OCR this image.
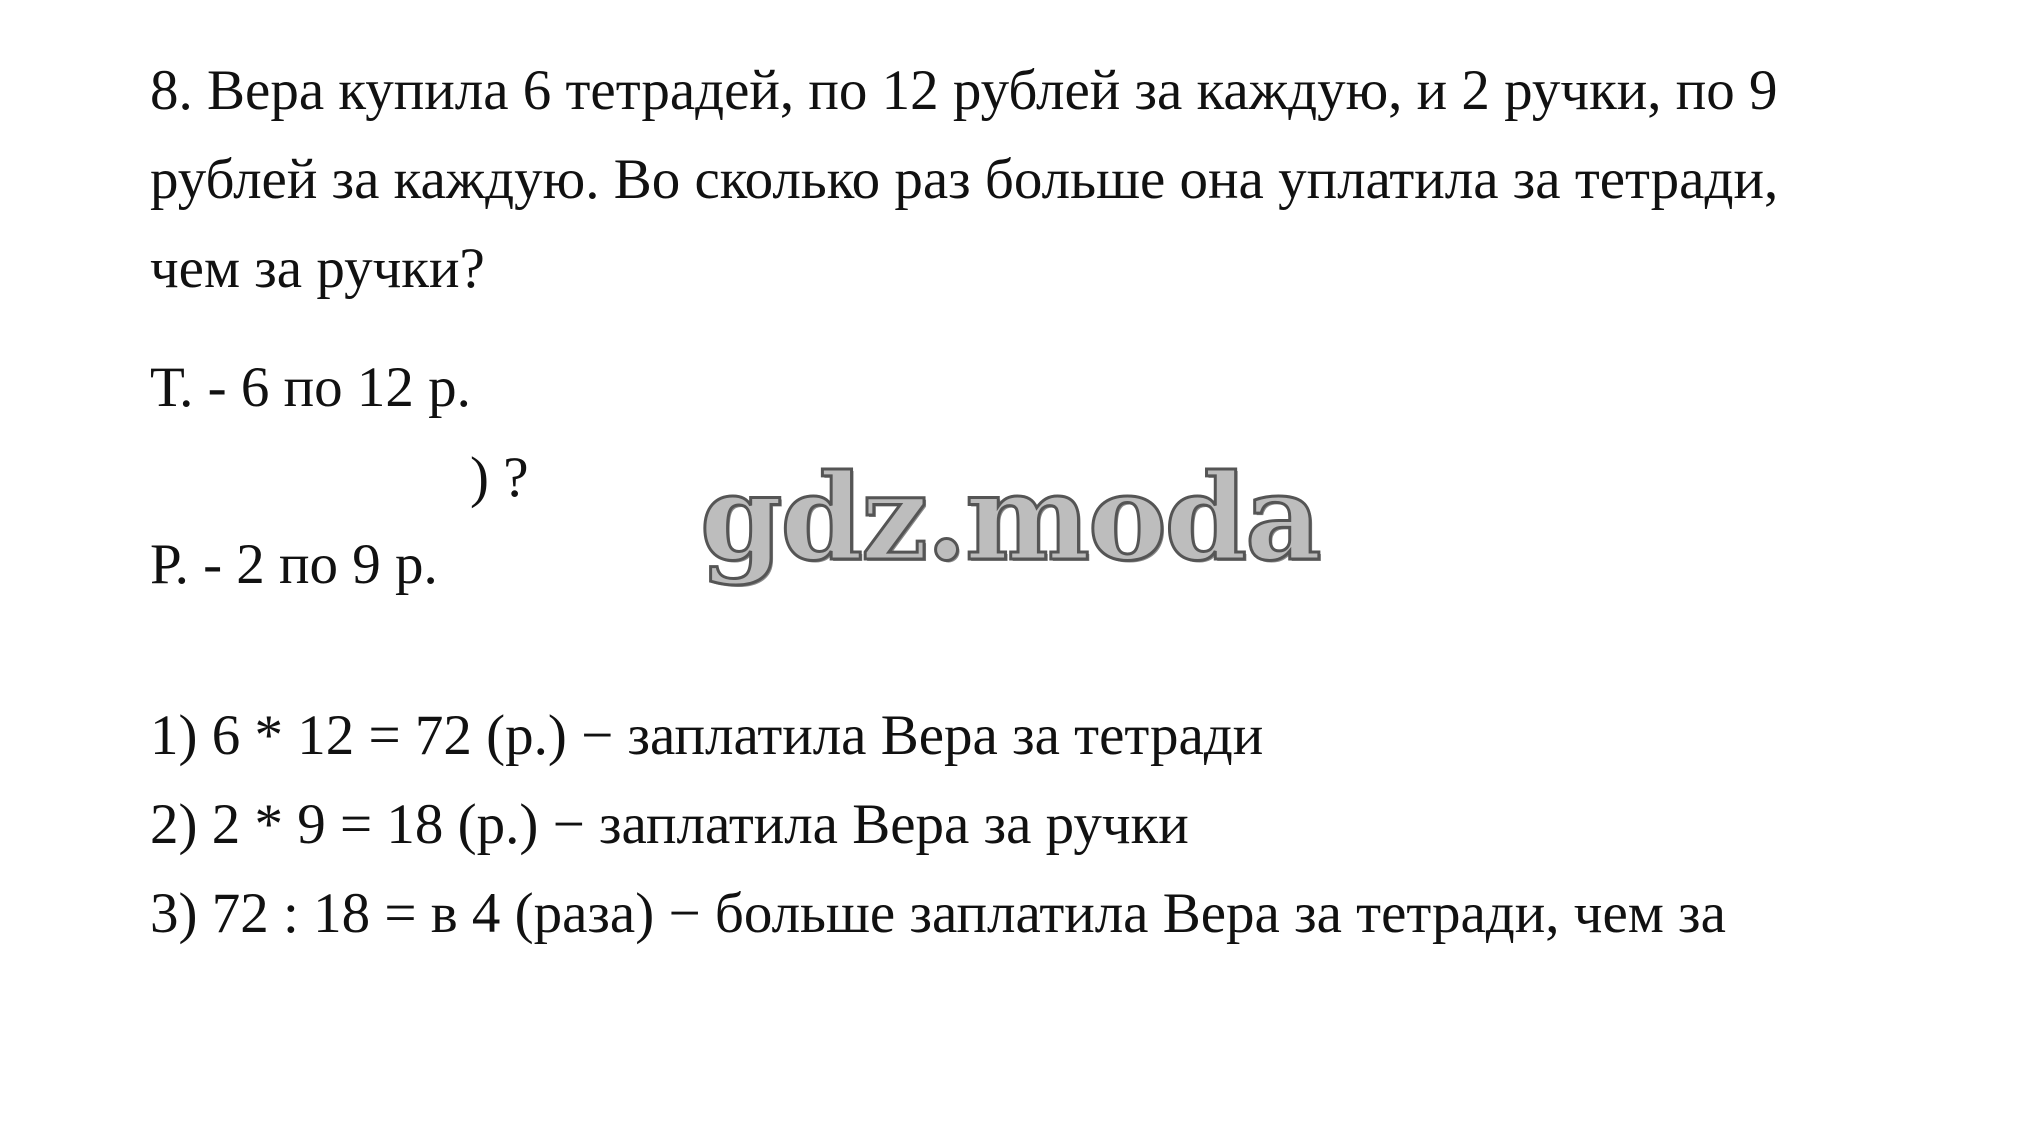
8. Вера купила 6 тетрадей, по 12 рублей за каждую, и 2 ручки, по 9
рублей за каждую. Во сколько раз больше она уплатила за тетради,
чем за ручки?
Т. - 6 по 12 р.
) ?
Р. - 2 по 9 р. gdz.moda
1) 6 * 12 = 72 (р.) − заплатила Вера за тетради
2) 2 * 9 = 18 (р.) − заплатила Вера за ручки
3) 72 : 18 = в 4 (раза) − больше заплатила Вера за тетради, чем за
